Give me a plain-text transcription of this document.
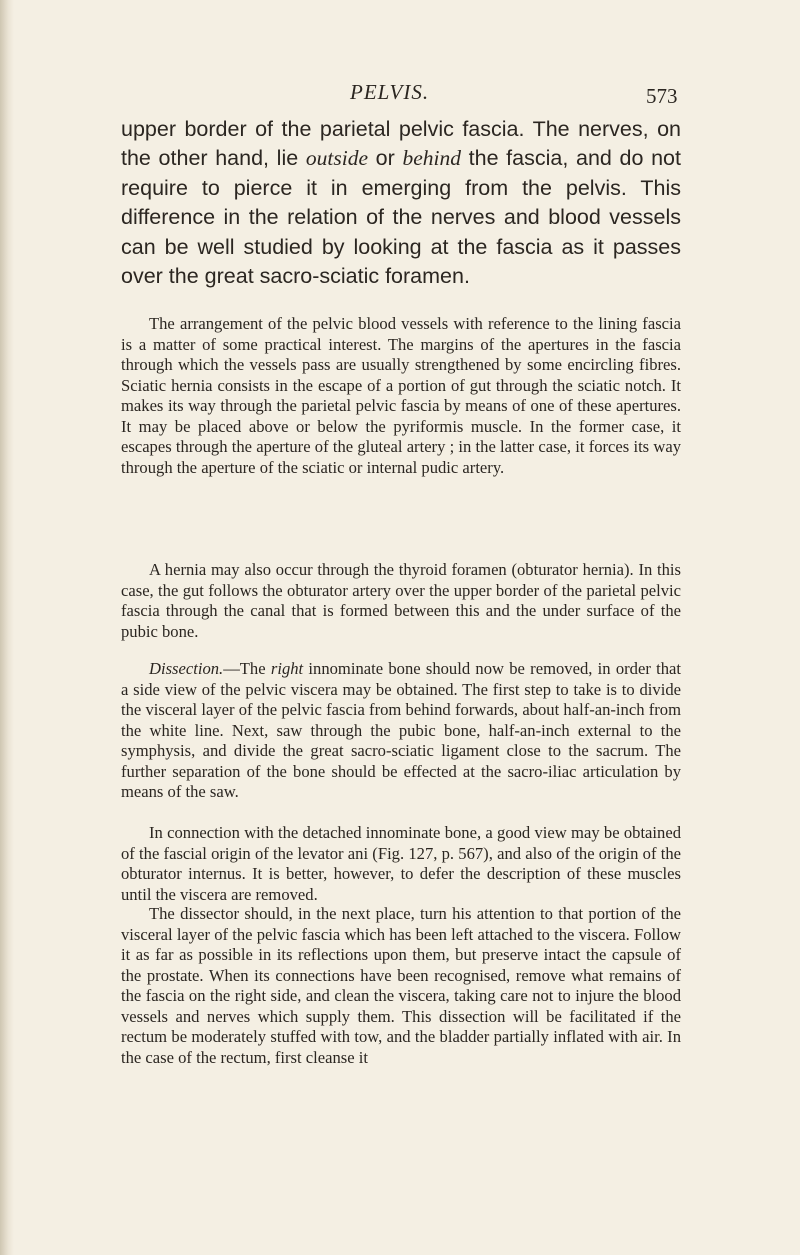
PELVIS.	573

upper border of the parietal pelvic fascia. The nerves, on the other hand, lie outside or behind the fascia, and do not require to pierce it in emerging from the pelvis. This difference in the relation of the nerves and blood vessels can be well studied by looking at the fascia as it passes over the great sacro-sciatic foramen.

The arrangement of the pelvic blood vessels with reference to the lining fascia is a matter of some practical interest. The margins of the apertures in the fascia through which the vessels pass are usually strengthened by some encircling fibres. Sciatic hernia consists in the escape of a portion of gut through the sciatic notch. It makes its way through the parietal pelvic fascia by means of one of these apertures. It may be placed above or below the pyriformis muscle. In the former case, it escapes through the aperture of the gluteal artery ; in the latter case, it forces its way through the aperture of the sciatic or internal pudic artery.

A hernia may also occur through the thyroid foramen (obturator hernia). In this case, the gut follows the obturator artery over the upper border of the parietal pelvic fascia through the canal that is formed between this and the under surface of the pubic bone.

Dissection.—The right innominate bone should now be removed, in order that a side view of the pelvic viscera may be obtained. The first step to take is to divide the visceral layer of the pelvic fascia from behind forwards, about half-an-inch from the white line. Next, saw through the pubic bone, half-an-inch external to the symphysis, and divide the great sacro-sciatic ligament close to the sacrum. The further separation of the bone should be effected at the sacro-iliac articulation by means of the saw.

In connection with the detached innominate bone, a good view may be obtained of the fascial origin of the levator ani (Fig. 127, p. 567), and also of the origin of the obturator internus. It is better, however, to defer the description of these muscles until the viscera are removed.

The dissector should, in the next place, turn his attention to that portion of the visceral layer of the pelvic fascia which has been left attached to the viscera. Follow it as far as possible in its reflections upon them, but preserve intact the capsule of the prostate. When its connections have been recognised, remove what remains of the fascia on the right side, and clean the viscera, taking care not to injure the blood vessels and nerves which supply them. This dissection will be facilitated if the rectum be moderately stuffed with tow, and the bladder partially inflated with air. In the case of the rectum, first cleanse it
